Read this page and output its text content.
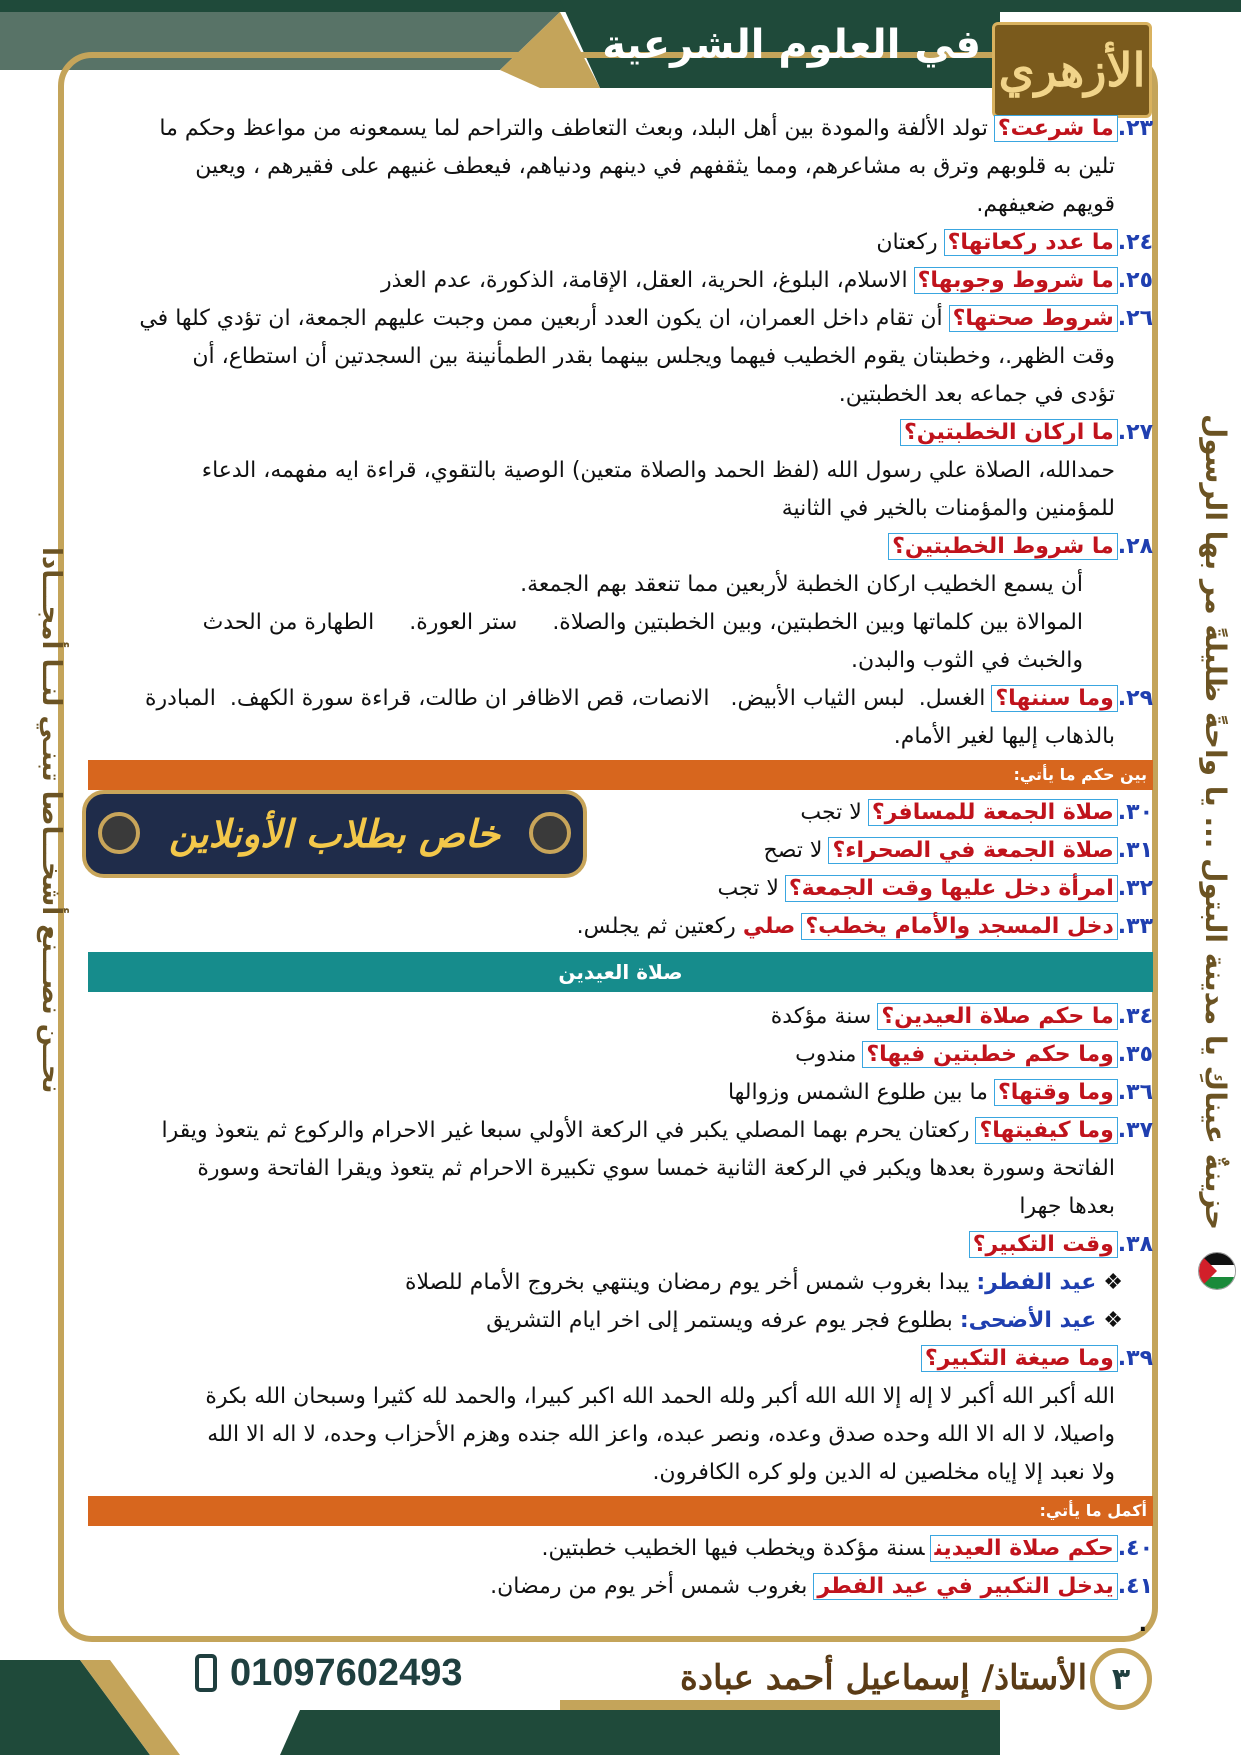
في العلوم الشرعية الأزهري
نحــن نصـــنع أشخـــاصا تبنـي لنــا أمجـــادا	حزينةٌ عيناكِ يا مدينة البتول ... يا واحةً ظليلةً مر بها الرسول

٢٣.ما شرعت؟تولد الألفة والمودة بين أهل البلد، وبعث التعاطف والتراحم لما يسمعونه من مواعظ وحكم ما

تلين به قلوبهم وترق به مشاعرهم، ومما يثقفهم في دينهم ودنياهم، فيعطف غنيهم على فقيرهم ، ويعين

قويهم ضعيفهم.

٢٤.ما عدد ركعاتها؟ركعتان

٢٥.ما شروط وجوبها؟الاسلام، البلوغ، الحرية، العقل، الإقامة، الذكورة، عدم العذر

٢٦.شروط صحتها؟أن تقام داخل العمران، ان يكون العدد أربعين ممن وجبت عليهم الجمعة، ان تؤدي كلها في

وقت الظهر.، وخطبتان يقوم الخطيب فيهما ويجلس بينهما بقدر الطمأنينة بين السجدتين أن استطاع، أن

تؤدى في جماعه بعد الخطبتين.

٢٧.ما اركان الخطبتين؟

حمدالله، الصلاة علي رسول الله (لفظ الحمد والصلاة متعين) الوصية بالتقوي، قراءة ايه مفهمه، الدعاء

للمؤمنين والمؤمنات بالخير في الثانية

٢٨.ما شروط الخطبتين؟

أن يسمع الخطيب اركان الخطبة لأربعين مما تنعقد بهم الجمعة.

الموالاة بين كلماتها وبين الخطبتين، وبين الخطبتين والصلاة.     ستر العورة.     الطهارة من الحدث

والخبث في الثوب والبدن.

٢٩.وما سننها؟الغسل.  لبس الثياب الأبيض.   الانصات، قص الاظافر ان طالت، قراءة سورة الكهف.  المبادرة

بالذهاب إليها لغير الأمام.

بين حكم ما يأتي:

٣٠.صلاة الجمعة للمسافر؟لا تجب

٣١.صلاة الجمعة في الصحراء؟لا تصح

٣٢.امرأة دخل عليها وقت الجمعة؟لا تجب

٣٣.دخل المسجد والأمام يخطب؟صلي ركعتين ثم يجلس.

صلاة العيدين

٣٤.ما حكم صلاة العيدين؟سنة مؤكدة

٣٥.وما حكم خطبتين فيها؟مندوب

٣٦.وما وقتها؟ما بين طلوع الشمس وزوالها

٣٧.وما كيفيتها؟ركعتان يحرم بهما المصلي يكبر في الركعة الأولي سبعا غير الاحرام والركوع ثم يتعوذ ويقرا

الفاتحة وسورة بعدها ويكبر في الركعة الثانية خمسا سوي تكبيرة الاحرام ثم يتعوذ ويقرا الفاتحة وسورة

بعدها جهرا

٣٨.وقت التكبير؟

❖ عيد الفطر: يبدا بغروب شمس أخر يوم رمضان وينتهي بخروج الأمام للصلاة

❖ عيد الأضحى: بطلوع فجر يوم عرفه ويستمر إلى اخر ايام التشريق

٣٩.وما صيغة التكبير؟

الله أكبر الله أكبر لا إله إلا الله الله أكبر ولله الحمد الله اكبر كبيرا، والحمد لله كثيرا وسبحان الله بكرة

واصيلا، لا اله الا الله وحده صدق وعده، ونصر عبده، واعز الله جنده وهزم الأحزاب وحده، لا اله الا الله

ولا نعبد إلا إياه مخلصين له الدين ولو كره الكافرون.

أكمل ما يأتي:

٤٠.حكم صلاة العيدينسنة مؤكدة ويخطب فيها الخطيب خطبتين.

٤١.يدخل التكبير في عيد الفطربغروب شمس أخر يوم من رمضان.

.

خاص بطلاب الأونلاين
01097602493	الأستاذ/ إسماعيل أحمد عبادة ٣
